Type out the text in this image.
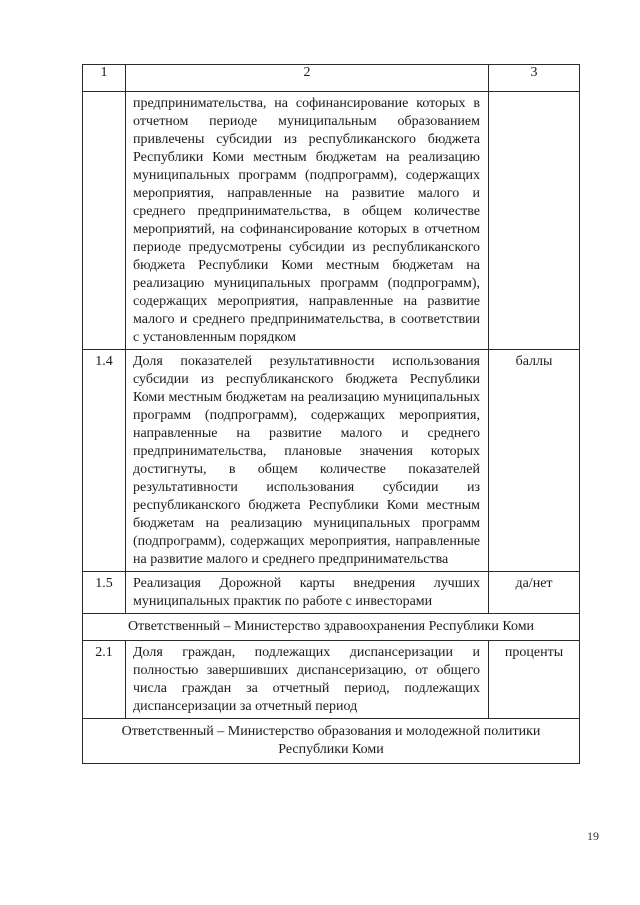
1	2	3
	предпринимательства, на софинансирование которых в отчетном периоде муниципальным образованием привлечены субсидии из республиканского бюджета Республики Коми местным бюджетам на реализацию муниципальных программ (подпрограмм), содержащих мероприятия, направленные на развитие малого и среднего предпринимательства, в общем количестве мероприятий, на софинансирование которых в отчетном периоде предусмотрены субсидии из республиканского бюджета Республики Коми местным бюджетам на реализацию муниципальных программ (подпрограмм), содержащих мероприятия, направленные на развитие малого и среднего предпринимательства, в соответствии с установленным порядком	
1.4	Доля показателей результативности использования субсидии из республиканского бюджета Республики Коми местным бюджетам на реализацию муниципальных программ (подпрограмм), содержащих мероприятия, направленные на развитие малого и среднего предпринимательства, плановые значения которых достигнуты, в общем количестве показателей результативности использования субсидии из республиканского бюджета Республики Коми местным бюджетам на реализацию муниципальных программ (подпрограмм), содержащих мероприятия, направленные на развитие малого и среднего предпринимательства	баллы
1.5	Реализация Дорожной карты внедрения лучших муниципальных практик по работе с инвесторами	да/нет
Ответственный – Министерство здравоохранения Республики Коми		
2.1	Доля граждан, подлежащих диспансеризации и полностью завершивших диспансеризацию, от общего числа граждан за отчетный период, подлежащих диспансеризации за отчетный период	проценты
Ответственный – Министерство образования и молодежной политики Республики Коми		
19
